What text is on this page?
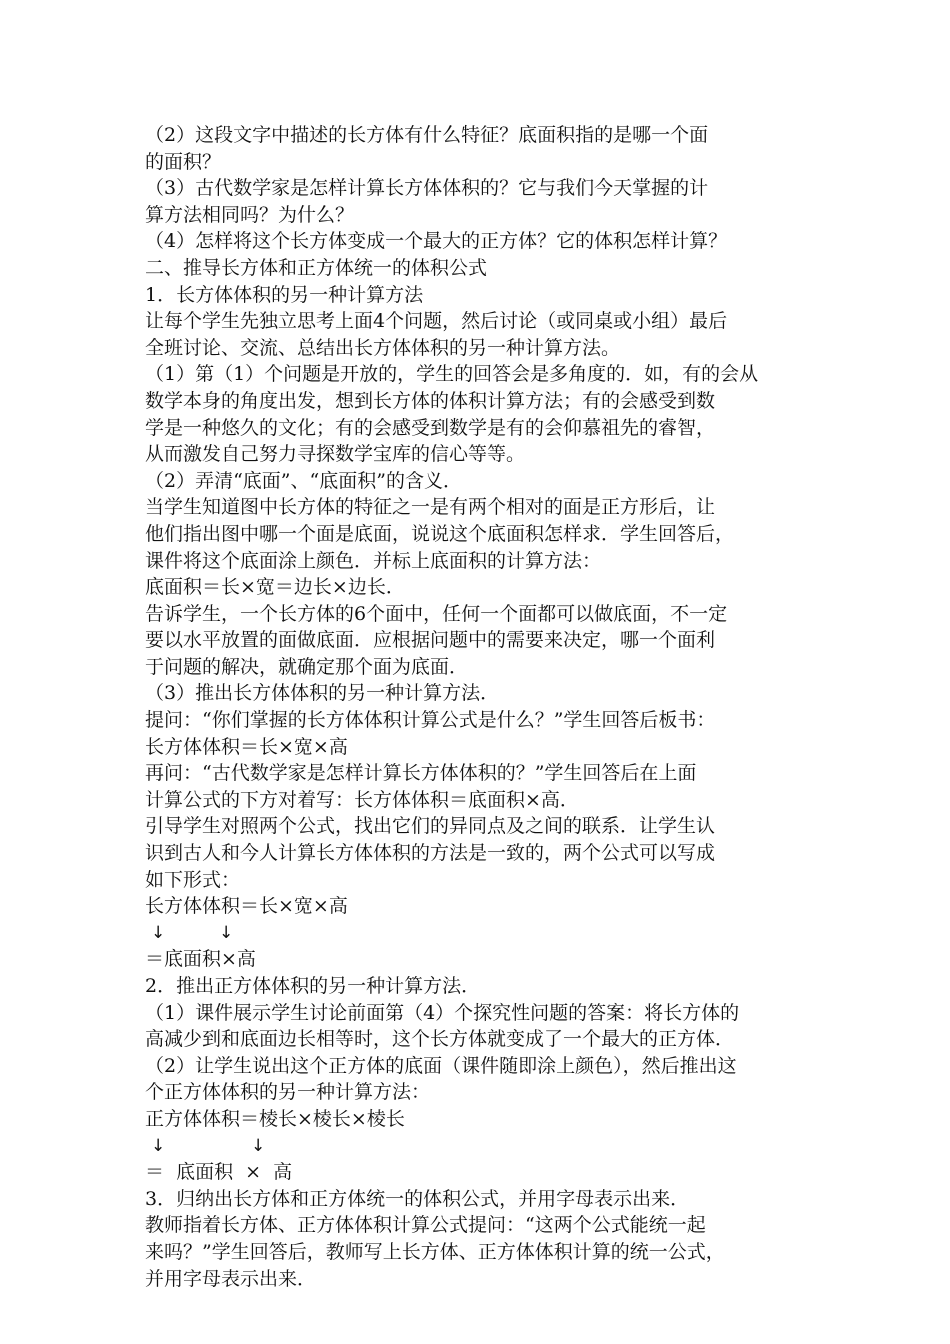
（2）这段文字中描述的长方体有什么特征？底面积指的是哪一个面
的面积？
（3）古代数学家是怎样计算长方体体积的？它与我们今天掌握的计
算方法相同吗？为什么？
（4）怎样将这个长方体变成一个最大的正方体？它的体积怎样计算？
二、推导长方体和正方体统一的体积公式
1．长方体体积的另一种计算方法
让每个学生先独立思考上面4个问题，然后讨论（或同桌或小组）最后
全班讨论、交流、总结出长方体体积的另一种计算方法。
（1）第（1）个问题是开放的，学生的回答会是多角度的．如，有的会从
数学本身的角度出发，想到长方体的体积计算方法；有的会感受到数
学是一种悠久的文化；有的会感受到数学是有的会仰慕祖先的睿智，
从而激发自己努力寻探数学宝库的信心等等。
（2）弄清“底面”、“底面积”的含义．
当学生知道图中长方体的特征之一是有两个相对的面是正方形后，让
他们指出图中哪一个面是底面，说说这个底面积怎样求．学生回答后，
课件将这个底面涂上颜色．并标上底面积的计算方法：
底面积＝长×宽＝边长×边长．
告诉学生，一个长方体的6个面中，任何一个面都可以做底面，不一定
要以水平放置的面做底面．应根据问题中的需要来决定，哪一个面利
于问题的解决，就确定那个面为底面．
（3）推出长方体体积的另一种计算方法．
提问：“你们掌握的长方体体积计算公式是什么？”学生回答后板书：
长方体体积＝长×宽×高
再问：“古代数学家是怎样计算长方体体积的？”学生回答后在上面
计算公式的下方对着写：长方体体积＝底面积×高．
引导学生对照两个公式，找出它们的异同点及之间的联系．让学生认
识到古人和今人计算长方体体积的方法是一致的，两个公式可以写成
如下形式：
长方体体积＝长×宽×高
↓	↓
＝底面积×高
2．推出正方体体积的另一种计算方法．
（1）课件展示学生讨论前面第（4）个探究性问题的答案：将长方体的
高减少到和底面边长相等时，这个长方体就变成了一个最大的正方体．
（2）让学生说出这个正方体的底面（课件随即涂上颜色），然后推出这
个正方体体积的另一种计算方法：
正方体体积＝棱长×棱长×棱长
↓	↓
＝  底面积  ×  高
3．归纳出长方体和正方体统一的体积公式，并用字母表示出来．
教师指着长方体、正方体体积计算公式提问：“这两个公式能统一起
来吗？”学生回答后，教师写上长方体、正方体体积计算的统一公式，
并用字母表示出来．
